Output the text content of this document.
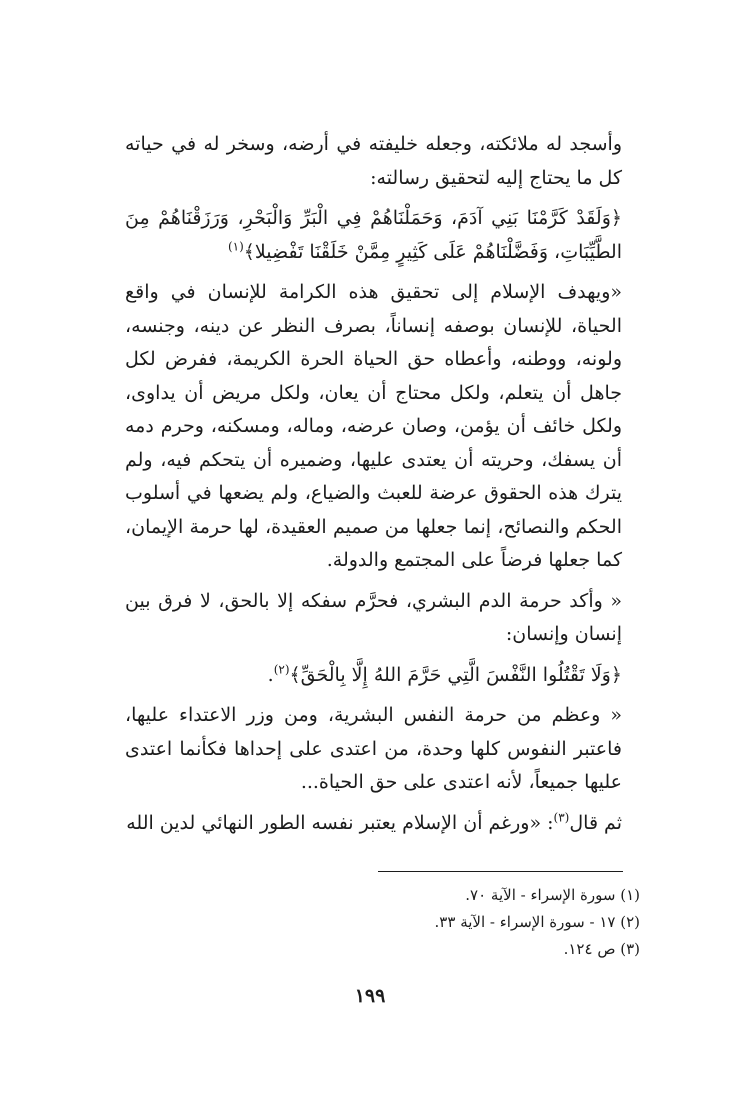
وأسجد له ملائكته، وجعله خليفته في أرضه، وسخر له في حياته كل ما يحتاج إليه لتحقيق رسالته:

﴿وَلَقَدْ كَرَّمْنَا بَنِي آدَمَ، وَحَمَلْنَاهُمْ فِي الْبَرِّ وَالْبَحْرِ، وَرَزَقْنَاهُمْ مِنَ الطَّيِّبَاتِ، وَفَضَّلْنَاهُمْ عَلَى كَثِيرٍ مِمَّنْ خَلَقْنَا تَفْضِيلا﴾$^{(١)}$

«ويهدف الإسلام إلى تحقيق هذه الكرامة للإنسان في واقع الحياة، للإنسان بوصفه إنساناً، بصرف النظر عن دينه، وجنسه، ولونه، ووطنه، وأعطاه حق الحياة الحرة الكريمة، ففرض لكل جاهل أن يتعلم، ولكل محتاج أن يعان، ولكل مريض أن يداوى، ولكل خائف أن يؤمن، وصان عرضه، وماله، ومسكنه، وحرم دمه أن يسفك، وحريته أن يعتدى عليها، وضميره أن يتحكم فيه، ولم يترك هذه الحقوق عرضة للعبث والضياع، ولم يضعها في أسلوب الحكم والنصائح، إنما جعلها من صميم العقيدة، لها حرمة الإيمان، كما جعلها فرضاً على المجتمع والدولة.

« وأكد حرمة الدم البشري، فحرَّم سفكه إلا بالحق، لا فرق بين إنسان وإنسان:

﴿وَلَا تَقْتُلُوا النَّفْسَ الَّتِي حَرَّمَ اللهُ إِلَّا بِالْحَقِّ﴾$^{(٢)}$.

« وعظم من حرمة النفس البشرية، ومن وزر الاعتداء عليها، فاعتبر النفوس كلها وحدة، من اعتدى على إحداها فكأنما اعتدى عليها جميعاً، لأنه اعتدى على حق الحياة...

ثم قال$^{(٣)}$: «ورغم أن الإسلام يعتبر نفسه الطور النهائي لدين الله

(١) سورة الإسراء - الآية ٧٠.
(٢) ١٧ - سورة الإسراء - الآية ٣٣.
(٣) ص ١٢٤.
١٩٩
